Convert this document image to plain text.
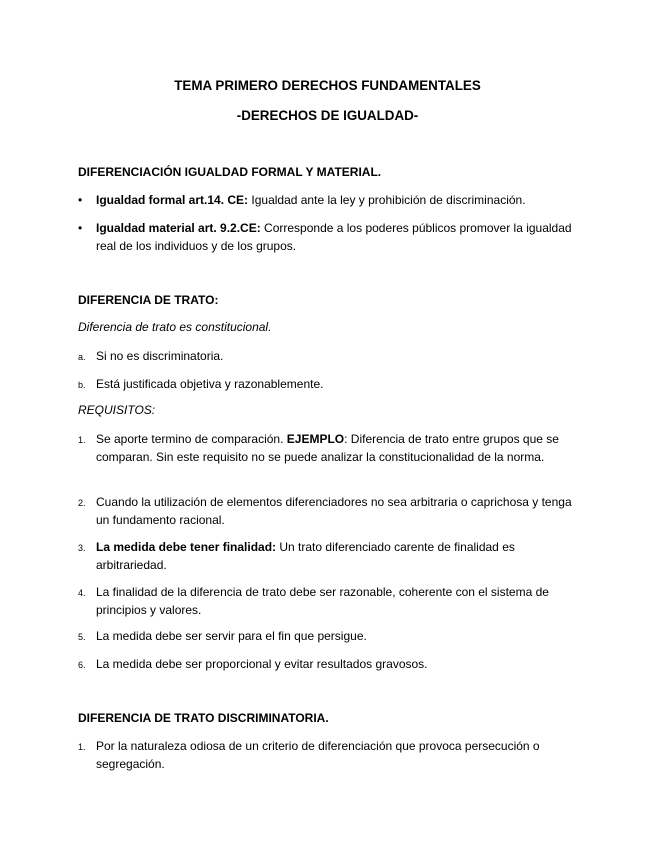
TEMA PRIMERO DERECHOS FUNDAMENTALES

-DERECHOS DE IGUALDAD-

DIFERENCIACIÓN IGUALDAD FORMAL Y MATERIAL.

•	Igualdad formal art.14. CE: Igualdad ante la ley y prohibición de discriminación.
•	Igualdad material art. 9.2.CE: Corresponde a los poderes públicos promover la igualdad real de los individuos y de los grupos.

DIFERENCIA DE TRATO:

Diferencia de trato es constitucional.

a. Si no es discriminatoria.
b. Está justificada objetiva y razonablemente.

REQUISITOS:

1. Se aporte termino de comparación. EJEMPLO: Diferencia de trato entre grupos que se comparan. Sin este requisito no se puede analizar la constitucionalidad de la norma.
2. Cuando la utilización de elementos diferenciadores no sea arbitraria o caprichosa y tenga un fundamento racional.
3. La medida debe tener finalidad: Un trato diferenciado carente de finalidad es arbitrariedad.
4. La finalidad de la diferencia de trato debe ser razonable, coherente con el sistema de principios y valores.
5. La medida debe ser servir para el fin que persigue.
6. La medida debe ser proporcional y evitar resultados gravosos.

DIFERENCIA DE TRATO DISCRIMINATORIA.

1. Por la naturaleza odiosa de un criterio de diferenciación que provoca persecución o segregación.
